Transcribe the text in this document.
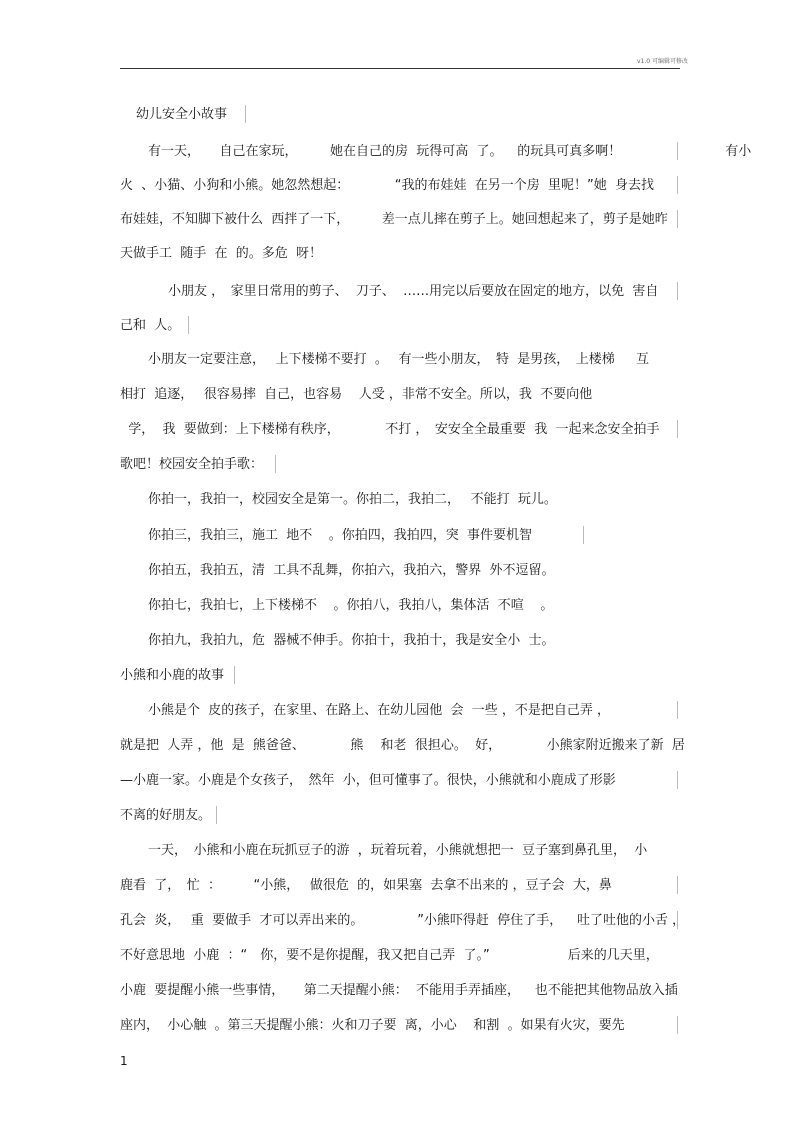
v1.0 可编辑可修改
幼儿安全小故事
有一天，　　自己在家玩，　　　她在自己的房  玩得可高  了。　  的玩具可真多啊！　　　　　　　　有小
火  、小猫、小狗和小熊。她忽然想起：　　　　“我的布娃娃  在另一个房  里呢！”她  身去找
布娃娃，不知脚下被什么  西拌了一下，　　　差一点儿摔在剪子上。她回想起来了，剪子是她昨
天做手工  随手  在  的。多危  呀！
小朋友 ，　家里日常用的剪子、  刀子、  ……用完以后要放在固定的地方，以免  害自
己和  人。
小朋友一定要注意，　 上下楼梯不要打  。　 有一些小朋友，　特  是男孩，　上楼梯　  互
相打  追逐，　 很容易摔  自己，也容易    人受 ，非常不安全。所以，我  不要向他
学，  我  要做到：上下楼梯有秩序，　　　　不打 ，　安安全全最重要  我  一起来念安全拍手
歌吧！校园安全拍手歌：
你拍一，我拍一，校园安全是第一。你拍二，我拍二，　 不能打  玩儿。
你拍三，我拍三，施工  地不    。你拍四，我拍四，突  事件要机智
你拍五，我拍五，清  工具不乱舞，你拍六，我拍六，警界  外不逗留。
你拍七，我拍七，上下楼梯不    。你拍八，我拍八，集体活  不喧    。
你拍九，我拍九，危  器械不伸手。你拍十，我拍十，我是安全小  士。
小熊和小鹿的故事
小熊是个  皮的孩子，在家里、在路上、在幼儿园他  会  一些 ，不是把自己弄 ，
就是把  人弄 ，他  是  熊爸爸、　　　　熊　 和老  很担心。  好，　　　　小熊家附近搬来了新  居
—小鹿一家。小鹿是个女孩子，　然年  小，但可懂事了。很快，小熊就和小鹿成了形影
不离的好朋友。
一天，　小熊和小鹿在玩抓豆子的游  ，玩着玩着，小熊就想把一  豆子塞到鼻孔里，  小
鹿看  了，　忙  ：　　　“小熊，　 做很危  的，如果塞  去拿不出来的 ，豆子会  大，鼻
孔会  炎，　 重  要做手  才可以弄出来的。　　　　  ”小熊吓得赶  停住了手，　  吐了吐他的小舌 ，
不好意思地  小鹿  ：“　你，要不是你提醒，我又把自己弄  了。”　　　　　　后来的几天里，
小鹿  要提醒小熊一些事情，　　第二天提醒小熊：  不能用手弄插座，　  也不能把其他物品放入插
座内，  小心触  。第三天提醒小熊：火和刀子要  离，小心    和割  。如果有火灾，要先
1
